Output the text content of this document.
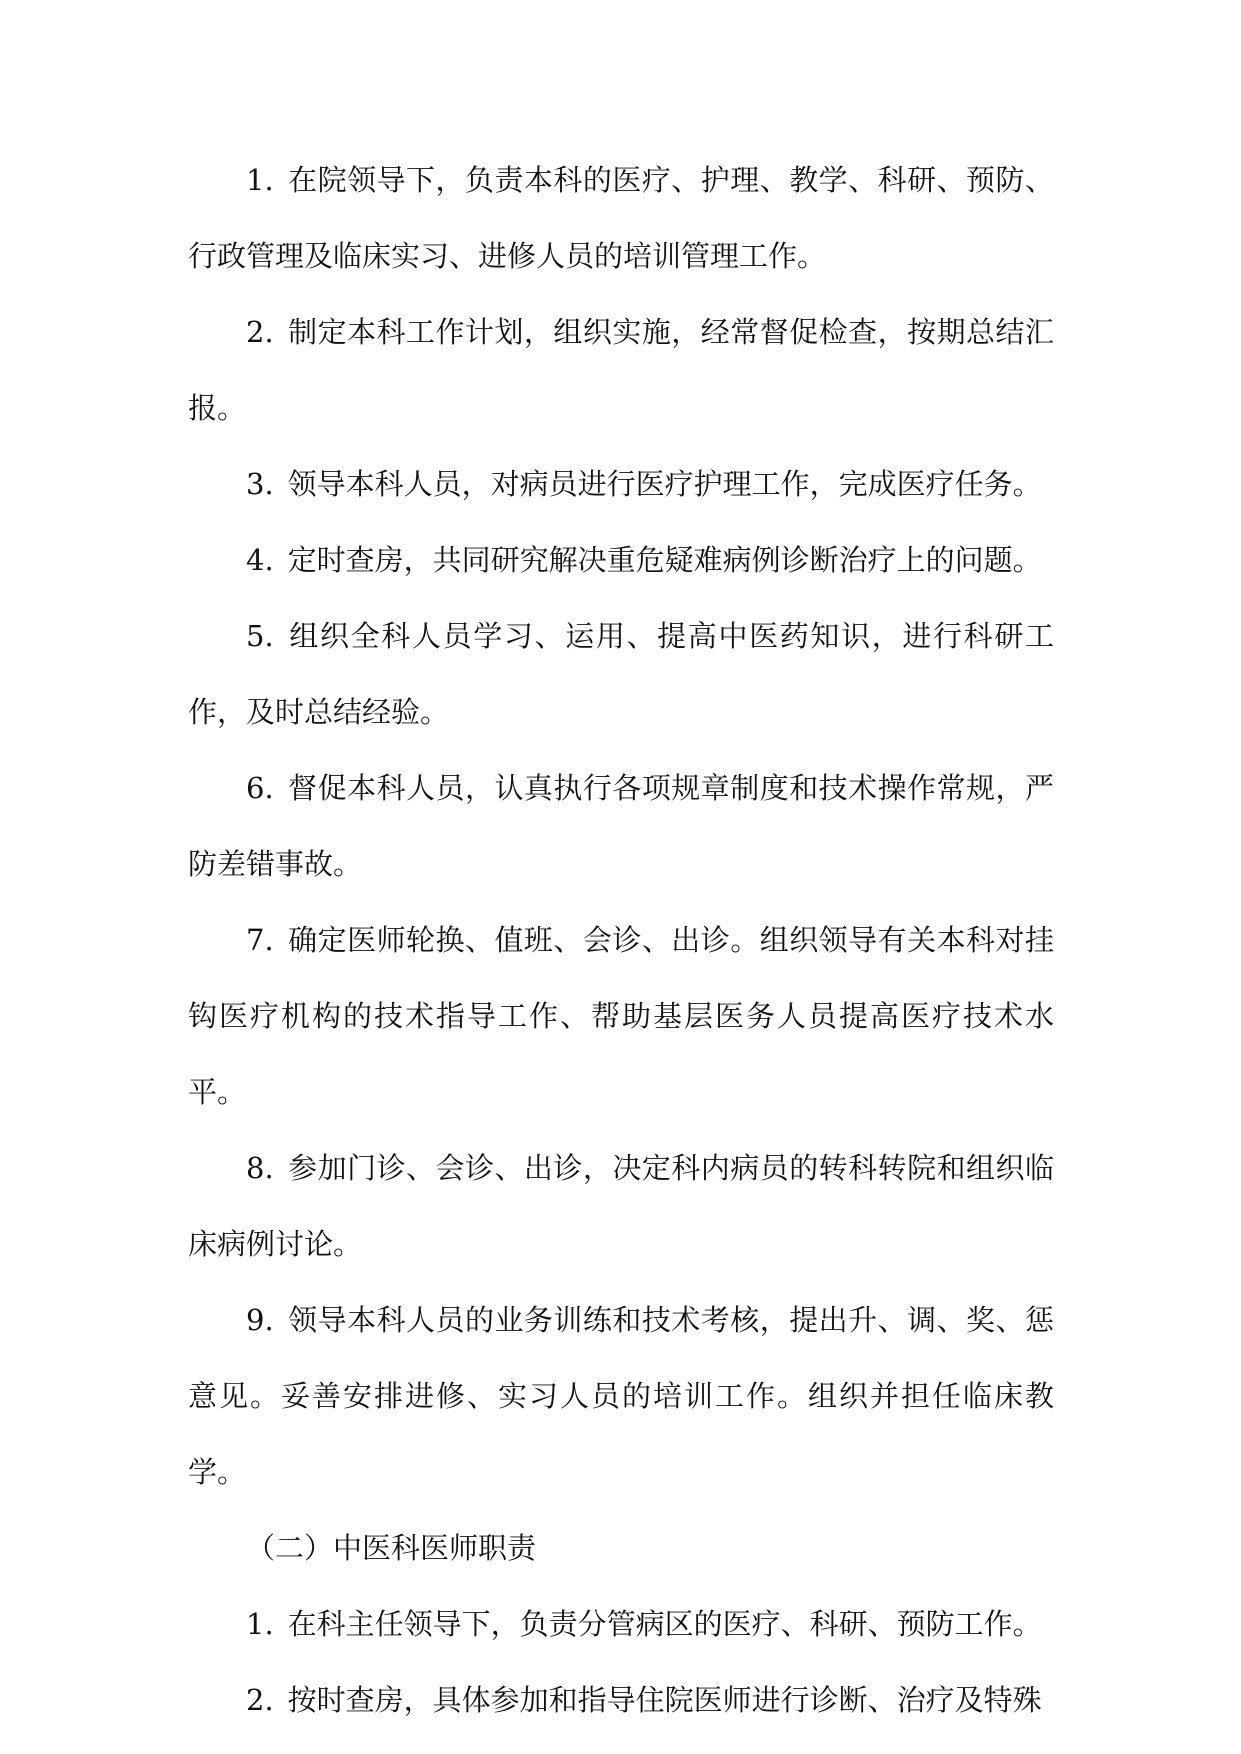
1. 在院领导下，负责本科的医疗、护理、教学、科研、预防、行政管理及临床实习、进修人员的培训管理工作。

2. 制定本科工作计划，组织实施，经常督促检查，按期总结汇报。

3. 领导本科人员，对病员进行医疗护理工作，完成医疗任务。

4. 定时查房，共同研究解决重危疑难病例诊断治疗上的问题。

5. 组织全科人员学习、运用、提高中医药知识，进行科研工作，及时总结经验。

6. 督促本科人员，认真执行各项规章制度和技术操作常规，严防差错事故。

7. 确定医师轮换、值班、会诊、出诊。组织领导有关本科对挂钩医疗机构的技术指导工作、帮助基层医务人员提高医疗技术水平。

8. 参加门诊、会诊、出诊，决定科内病员的转科转院和组织临床病例讨论。

9. 领导本科人员的业务训练和技术考核，提出升、调、奖、惩意见。妥善安排进修、实习人员的培训工作。组织并担任临床教学。

（二）中医科医师职责

1. 在科主任领导下，负责分管病区的医疗、科研、预防工作。

2. 按时查房，具体参加和指导住院医师进行诊断、治疗及特殊
